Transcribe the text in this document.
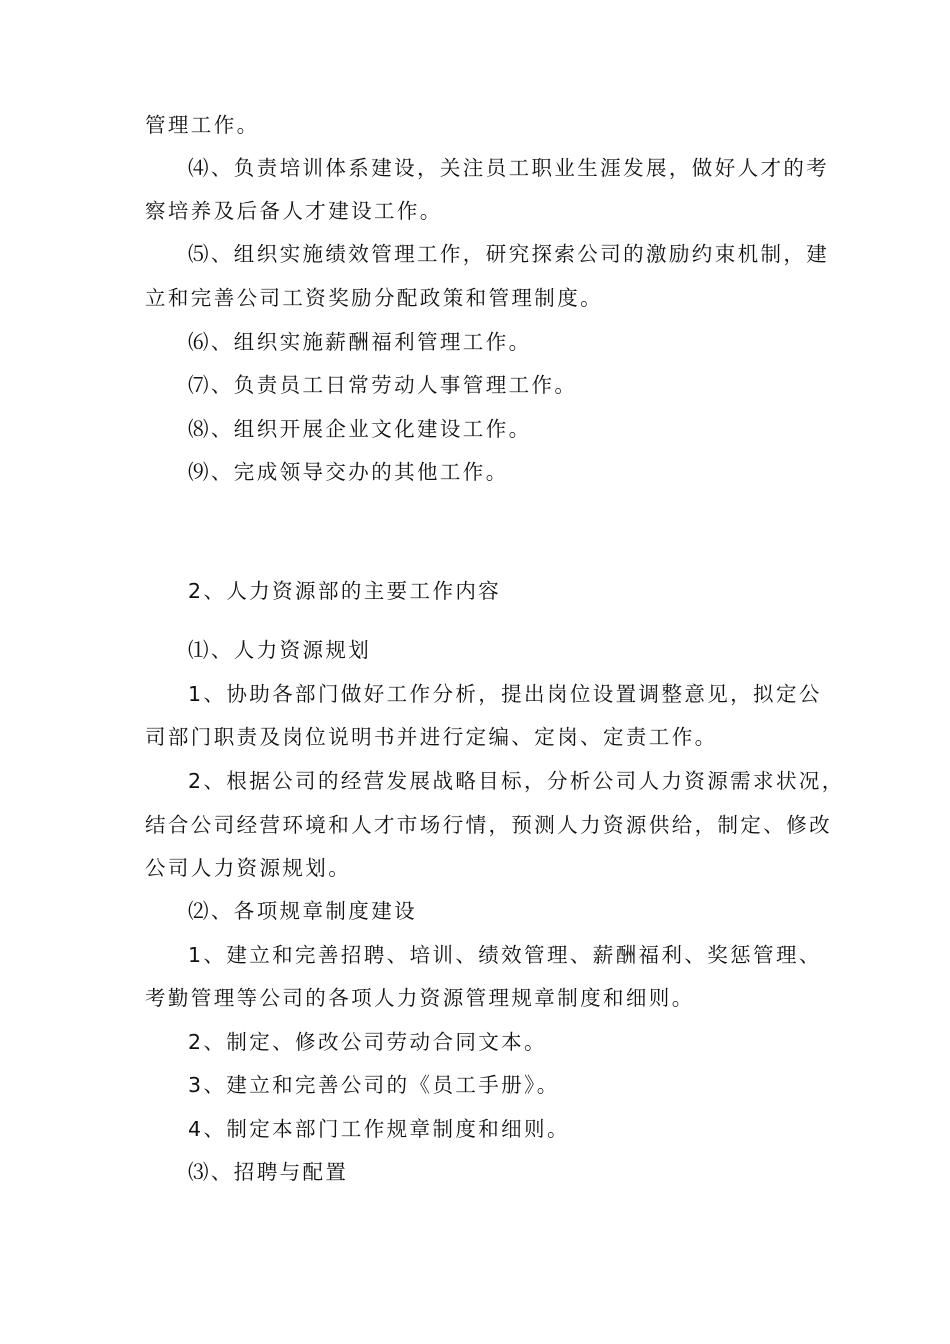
管理工作。
⑷、负责培训体系建设，关注员工职业生涯发展，做好人才的考
察培养及后备人才建设工作。
⑸、组织实施绩效管理工作，研究探索公司的激励约束机制，建
立和完善公司工资奖励分配政策和管理制度。
⑹、组织实施薪酬福利管理工作。
⑺、负责员工日常劳动人事管理工作。
⑻、组织开展企业文化建设工作。
⑼、完成领导交办的其他工作。
2、人力资源部的主要工作内容
⑴、人力资源规划
1、协助各部门做好工作分析，提出岗位设置调整意见，拟定公
司部门职责及岗位说明书并进行定编、定岗、定责工作。
2、根据公司的经营发展战略目标，分析公司人力资源需求状况，
结合公司经营环境和人才市场行情，预测人力资源供给，制定、修改
公司人力资源规划。
⑵、各项规章制度建设
1、建立和完善招聘、培训、绩效管理、薪酬福利、奖惩管理、
考勤管理等公司的各项人力资源管理规章制度和细则。
2、制定、修改公司劳动合同文本。
3、建立和完善公司的《员工手册》。
4、制定本部门工作规章制度和细则。
⑶、招聘与配置
